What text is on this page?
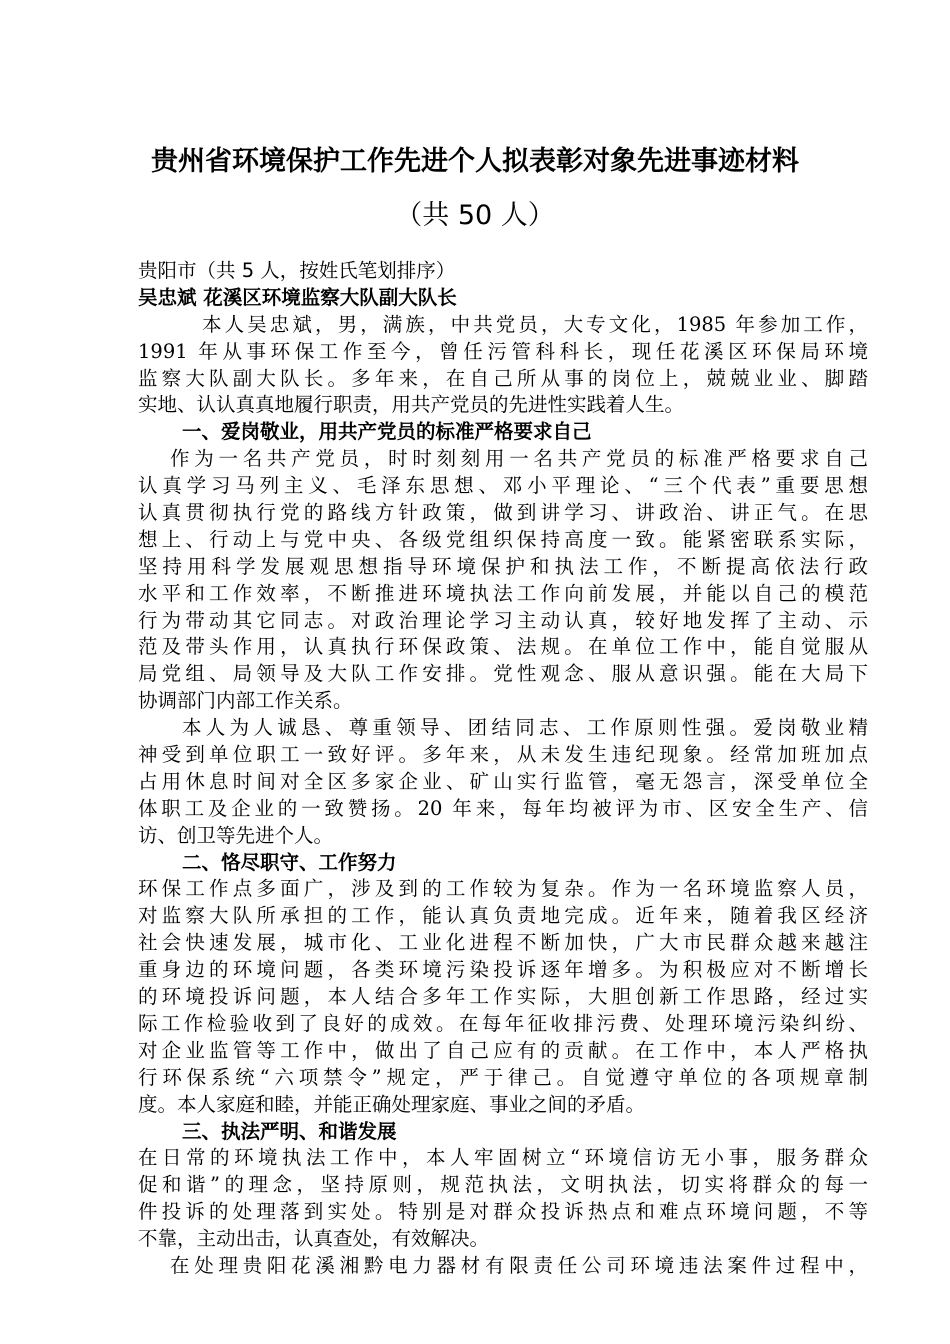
贵州省环境保护工作先进个人拟表彰对象先进事迹材料
（共 50 人）
贵阳市（共 5 人，按姓氏笔划排序）
吴忠斌 花溪区环境监察大队副大队长
本人吴忠斌，男，满族，中共党员，大专文化，1985 年参加工作，
1991 年从事环保工作至今，曾任污管科科长，现任花溪区环保局环境
监察大队副大队长。多年来，在自己所从事的岗位上，兢兢业业、脚踏
实地、认认真真地履行职责，用共产党员的先进性实践着人生。
一、爱岗敬业，用共产党员的标准严格要求自己
作为一名共产党员，时时刻刻用一名共产党员的标准严格要求自己
认真学习马列主义、毛泽东思想、邓小平理论、“三个代表”重要思想
认真贯彻执行党的路线方针政策，做到讲学习、讲政治、讲正气。在思
想上、行动上与党中央、各级党组织保持高度一致。能紧密联系实际，
坚持用科学发展观思想指导环境保护和执法工作，不断提高依法行政
水平和工作效率，不断推进环境执法工作向前发展，并能以自己的模范
行为带动其它同志。对政治理论学习主动认真，较好地发挥了主动、示
范及带头作用，认真执行环保政策、法规。在单位工作中，能自觉服从
局党组、局领导及大队工作安排。党性观念、服从意识强。能在大局下
协调部门内部工作关系。
本人为人诚恳、尊重领导、团结同志、工作原则性强。爱岗敬业精
神受到单位职工一致好评。多年来，从未发生违纪现象。经常加班加点
占用休息时间对全区多家企业、矿山实行监管，毫无怨言，深受单位全
体职工及企业的一致赞扬。20 年来，每年均被评为市、区安全生产、信
访、创卫等先进个人。
二、恪尽职守、工作努力
环保工作点多面广，涉及到的工作较为复杂。作为一名环境监察人员，
对监察大队所承担的工作，能认真负责地完成。近年来，随着我区经济
社会快速发展，城市化、工业化进程不断加快，广大市民群众越来越注
重身边的环境问题，各类环境污染投诉逐年增多。为积极应对不断增长
的环境投诉问题，本人结合多年工作实际，大胆创新工作思路，经过实
际工作检验收到了良好的成效。在每年征收排污费、处理环境污染纠纷、
对企业监管等工作中，做出了自己应有的贡献。在工作中，本人严格执
行环保系统“六项禁令”规定，严于律己。自觉遵守单位的各项规章制
度。本人家庭和睦，并能正确处理家庭、事业之间的矛盾。
三、执法严明、和谐发展
在日常的环境执法工作中，本人牢固树立“环境信访无小事，服务群众
促和谐”的理念，坚持原则，规范执法，文明执法，切实将群众的每一
件投诉的处理落到实处。特别是对群众投诉热点和难点环境问题，不等
不靠，主动出击，认真查处，有效解决。
在处理贵阳花溪湘黔电力器材有限责任公司环境违法案件过程中，
